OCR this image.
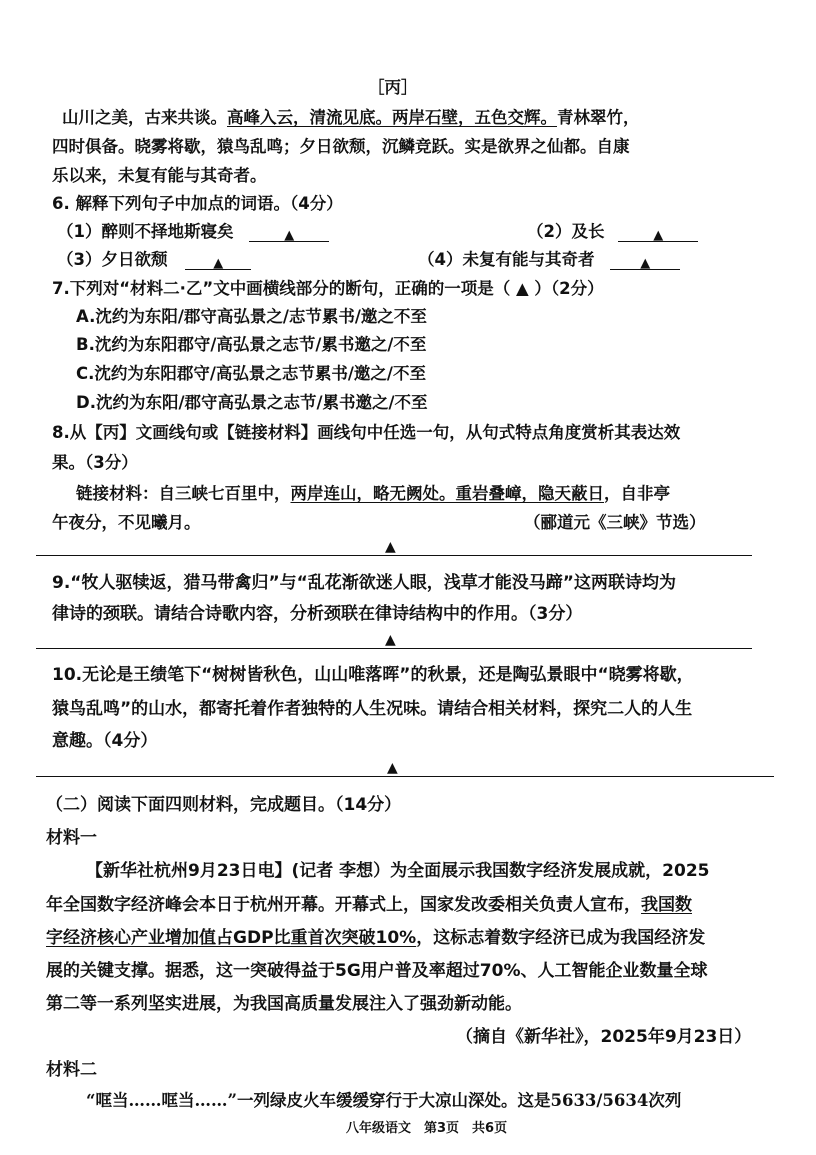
［丙］
山川之美，古来共谈。高峰入云，清流见底。两岸石壁，五色交辉。青林翠竹，
四时俱备。晓雾将歇，猿鸟乱鸣；夕日欲颓，沉鳞竞跃。实是欲界之仙都。自康
乐以来，未复有能与其奇者。
6. 解释下列句子中加点的词语。（4分）
（1）醉则不择地斯寝矣	▲	（2）及长	▲
（3）夕日欲颓	▲	（4）未复有能与其奇者	▲
7.下列对“材料二·乙”文中画横线部分的断句，正确的一项是（ ▲ ）（2分）
A.沈约为东阳/郡守高弘景之/志节累书/邀之不至
B.沈约为东阳郡守/高弘景之志节/累书邀之/不至
C.沈约为东阳郡守/高弘景之志节累书/邀之/不至
D.沈约为东阳/郡守高弘景之志节/累书邀之/不至
8.从【丙】文画线句或【链接材料】画线句中任选一句，从句式特点角度赏析其表达效
果。（3分）
链接材料：自三峡七百里中，两岸连山，略无阙处。重岩叠嶂，隐天蔽日，自非亭
午夜分，不见曦月。	（郦道元《三峡》节选）
▲
9.“牧人驱犊返，猎马带禽归”与“乱花渐欲迷人眼，浅草才能没马蹄”这两联诗均为
律诗的颈联。请结合诗歌内容，分析颈联在律诗结构中的作用。（3分）
▲
10.无论是王绩笔下“树树皆秋色，山山唯落晖”的秋景，还是陶弘景眼中“晓雾将歇，
猿鸟乱鸣”的山水，都寄托着作者独特的人生况味。请结合相关材料，探究二人的人生
意趣。（4分）
▲
（二）阅读下面四则材料，完成题目。（14分）
材料一
【新华社杭州9月23日电】(记者 李想）为全面展示我国数字经济发展成就，2025
年全国数字经济峰会本日于杭州开幕。开幕式上，国家发改委相关负责人宣布，我国数
字经济核心产业增加值占GDP比重首次突破10%，这标志着数字经济已成为我国经济发
展的关键支撑。据悉，这一突破得益于5G用户普及率超过70%、人工智能企业数量全球
第二等一系列坚实进展，为我国高质量发展注入了强劲新动能。
（摘自《新华社》，2025年9月23日）
材料二
“哐当……哐当……”一列绿皮火车缓缓穿行于大凉山深处。这是5633/5634次列
八年级语文　第3页　共6页
